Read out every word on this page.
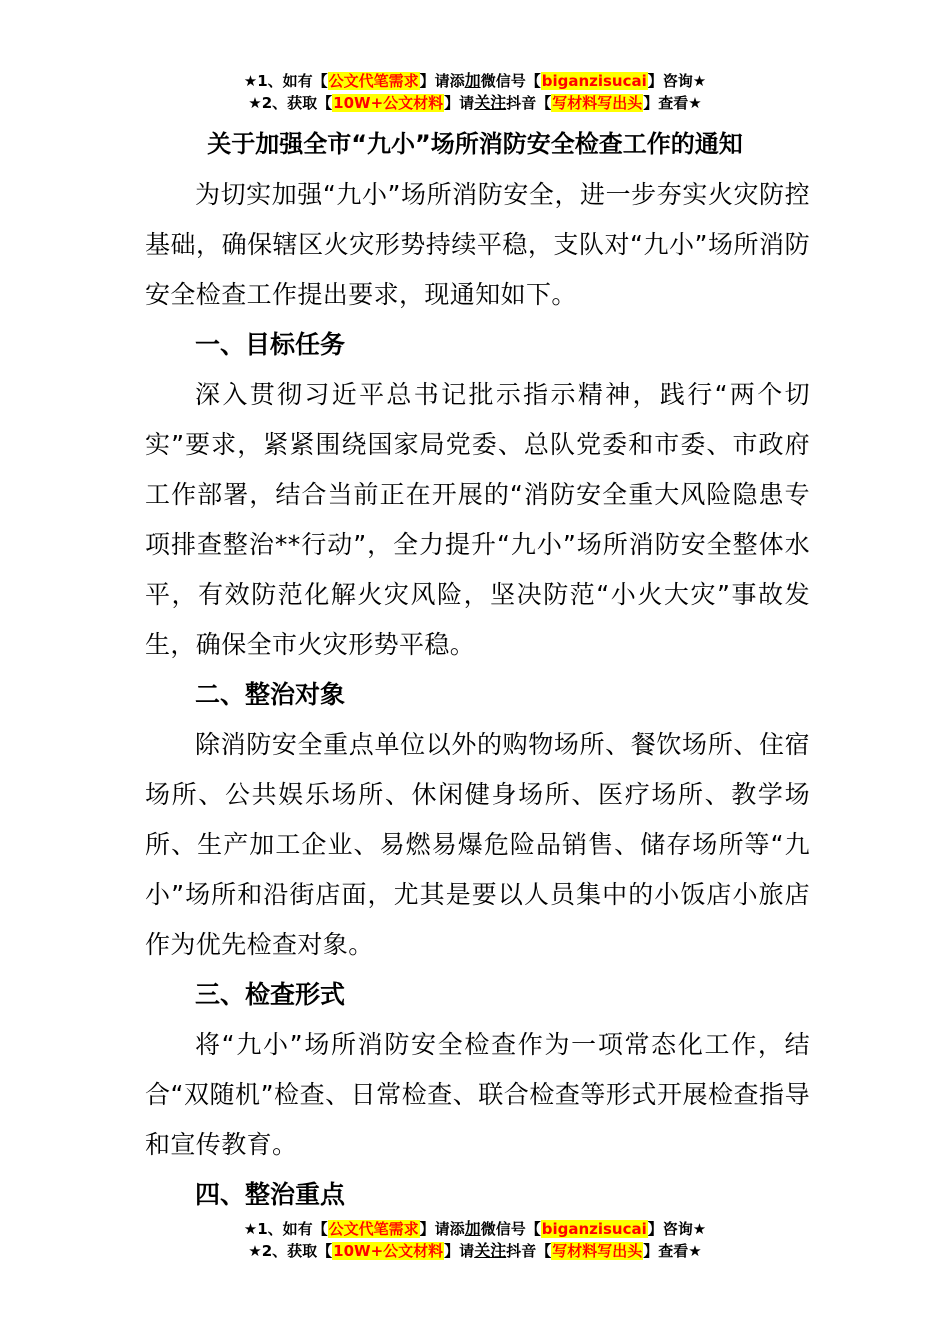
★1、如有【公文代笔需求】请添加微信号【biganzisucai】咨询★
★2、获取【10W+公文材料】请关注抖音【写材料写出头】查看★
关于加强全市“九小”场所消防安全检查工作的通知

为切实加强“九小”场所消防安全，进一步夯实火灾防控基础，确保辖区火灾形势持续平稳，支队对“九小”场所消防安全检查工作提出要求，现通知如下。

一、目标任务

深入贯彻习近平总书记批示指示精神，践行“两个切实”要求，紧紧围绕国家局党委、总队党委和市委、市政府工作部署，结合当前正在开展的“消防安全重大风险隐患专项排查整治**行动”，全力提升“九小”场所消防安全整体水平，有效防范化解火灾风险，坚决防范“小火大灾”事故发生，确保全市火灾形势平稳。

二、整治对象

除消防安全重点单位以外的购物场所、餐饮场所、住宿场所、公共娱乐场所、休闲健身场所、医疗场所、教学场所、生产加工企业、易燃易爆危险品销售、储存场所等“九小”场所和沿街店面，尤其是要以人员集中的小饭店小旅店作为优先检查对象。

三、检查形式

将“九小”场所消防安全检查作为一项常态化工作，结合“双随机”检查、日常检查、联合检查等形式开展检查指导和宣传教育。

四、整治重点
★1、如有【公文代笔需求】请添加微信号【biganzisucai】咨询★
★2、获取【10W+公文材料】请关注抖音【写材料写出头】查看★
